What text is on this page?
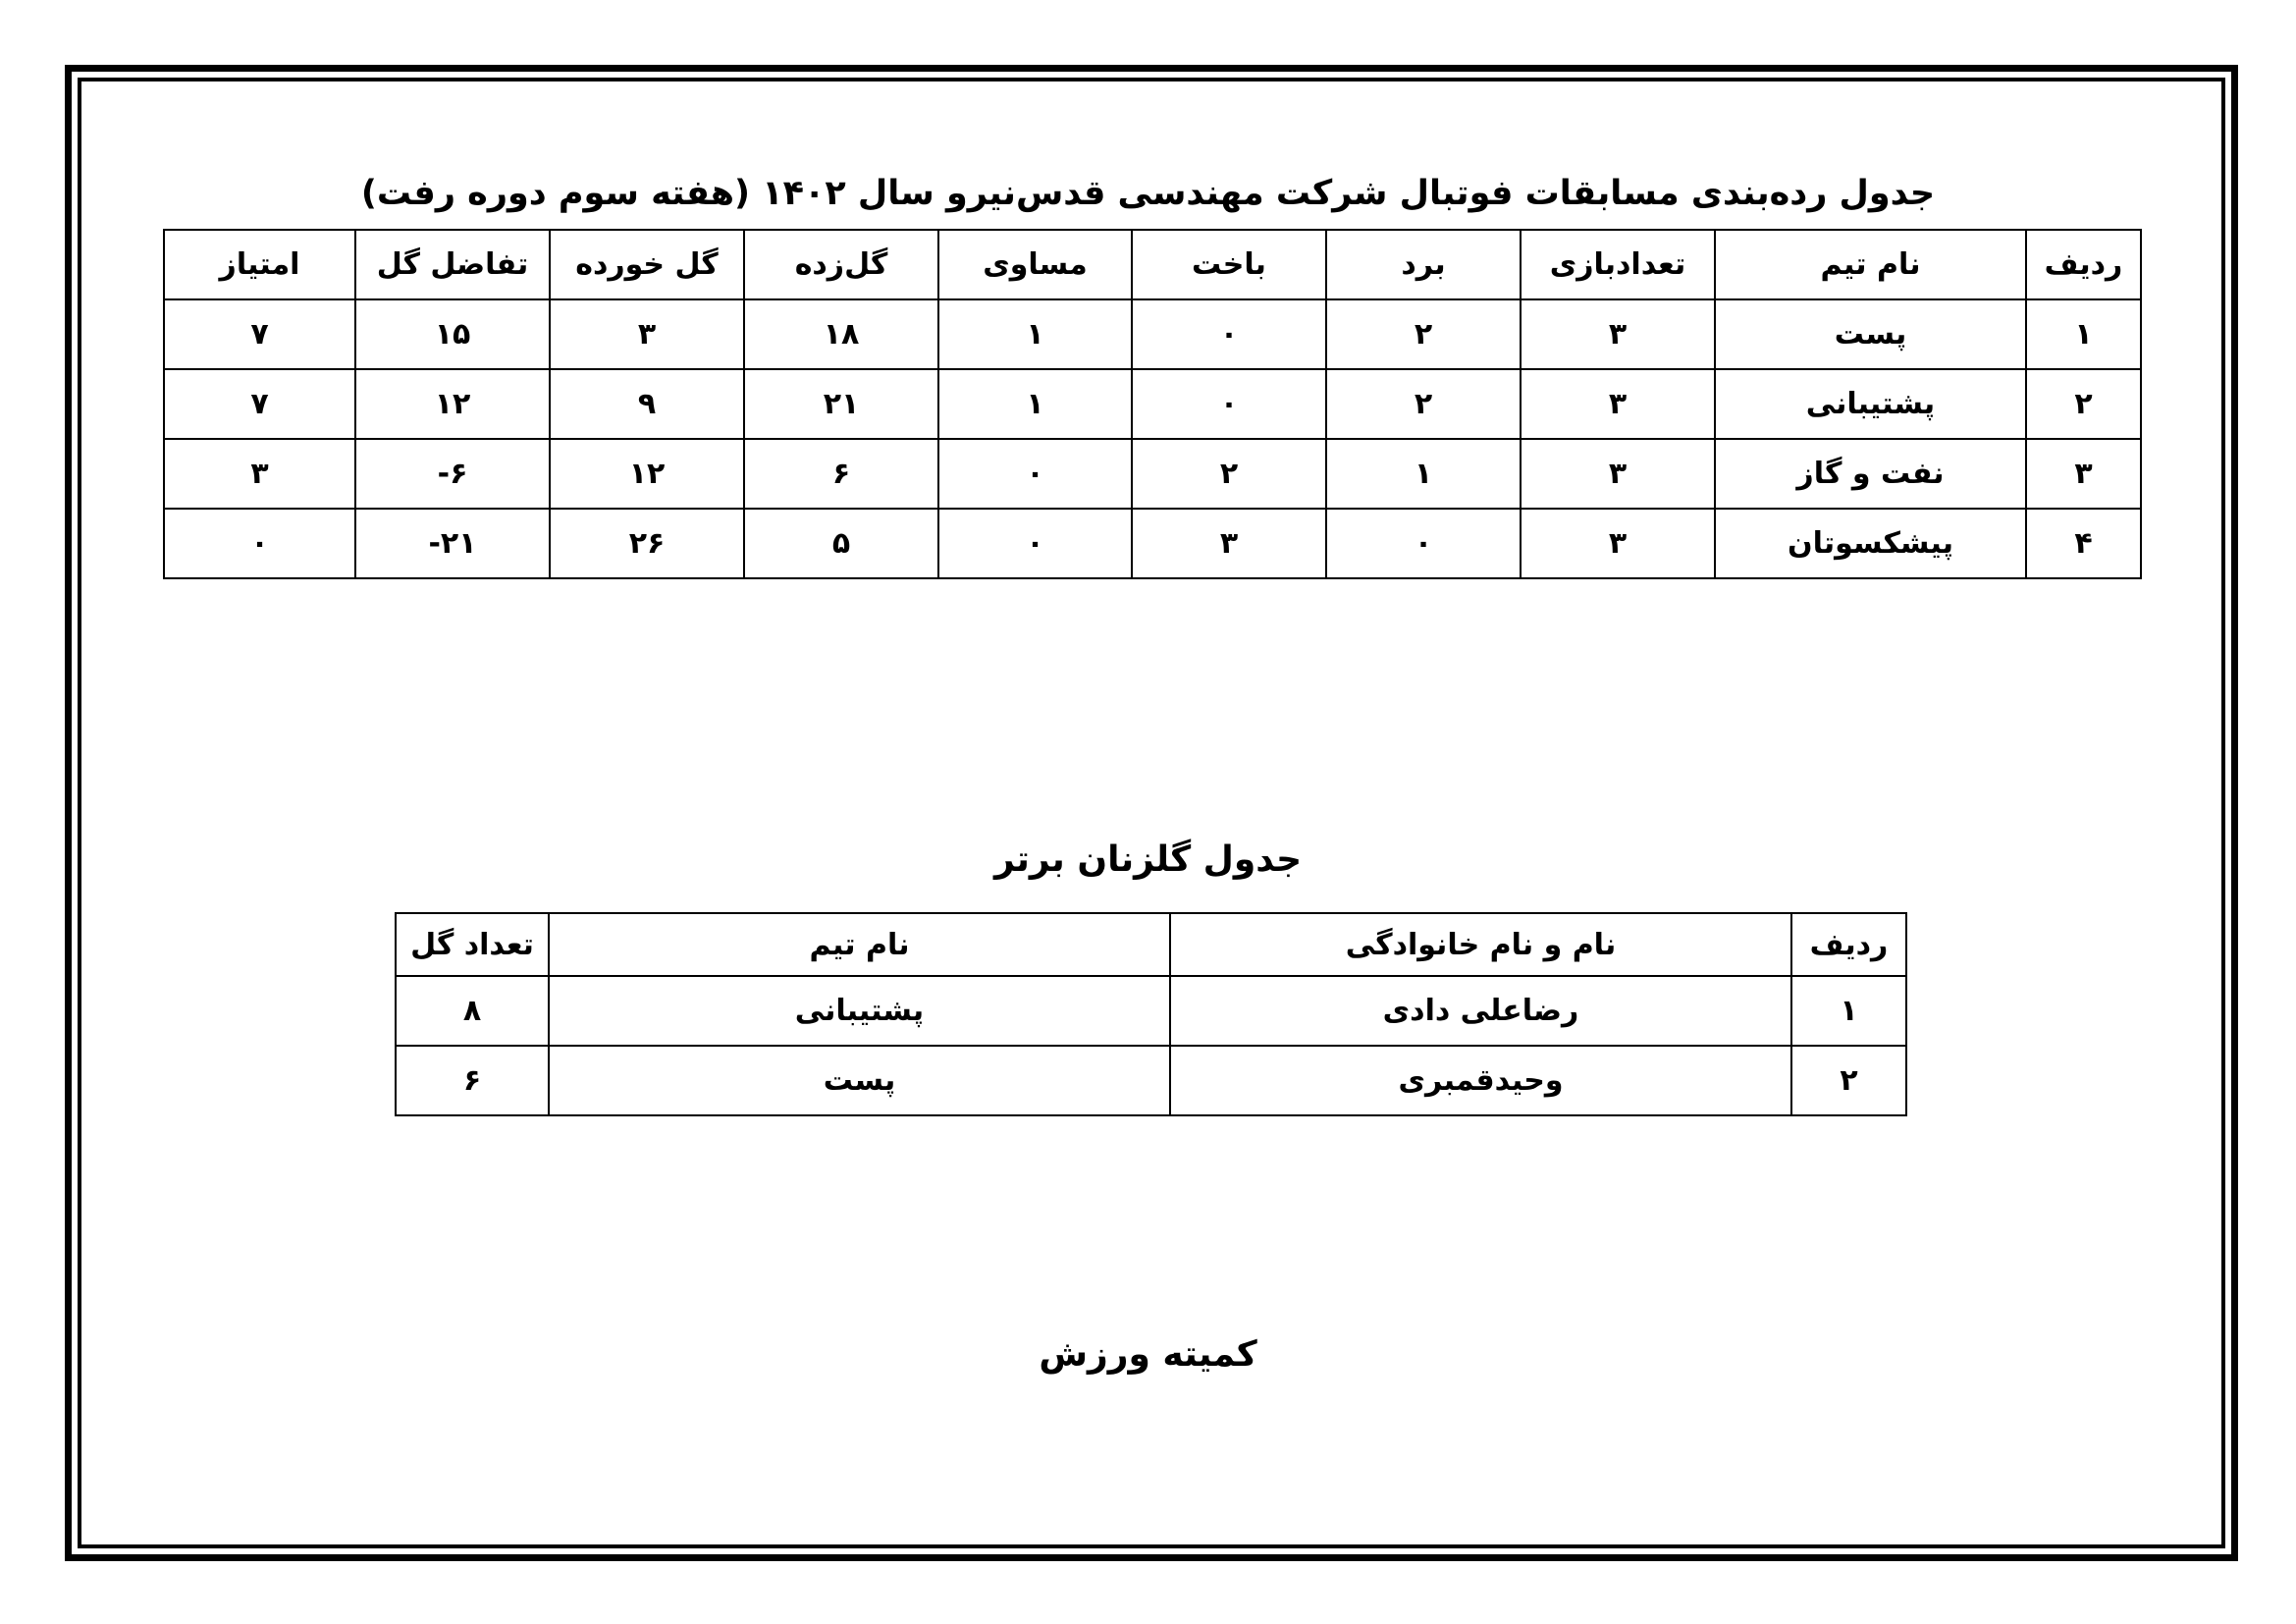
جدول رده‌بندی مسابقات فوتبال شرکت مهندسی قدس‌نیرو سال ۱۴۰۲ (هفته سوم دوره رفت)
ردیف	نام تیم	تعدادبازی	برد	باخت	مساوی	گل‌زده	گل خورده	تفاضل گل	امتیاز
۱	پست	۳	۲	۰	۱	۱۸	۳	۱۵	۷
۲	پشتیبانی	۳	۲	۰	۱	۲۱	۹	۱۲	۷
۳	نفت و گاز	۳	۱	۲	۰	۶	۱۲	۶-	۳
۴	پیشکسوتان	۳	۰	۳	۰	۵	۲۶	۲۱-	۰
جدول گلزنان برتر
ردیف	نام و نام خانوادگی	نام تیم	تعداد گل
۱	رضاعلی دادی	پشتیبانی	۸
۲	وحیدقمبری	پست	۶
کمیته ورزش
